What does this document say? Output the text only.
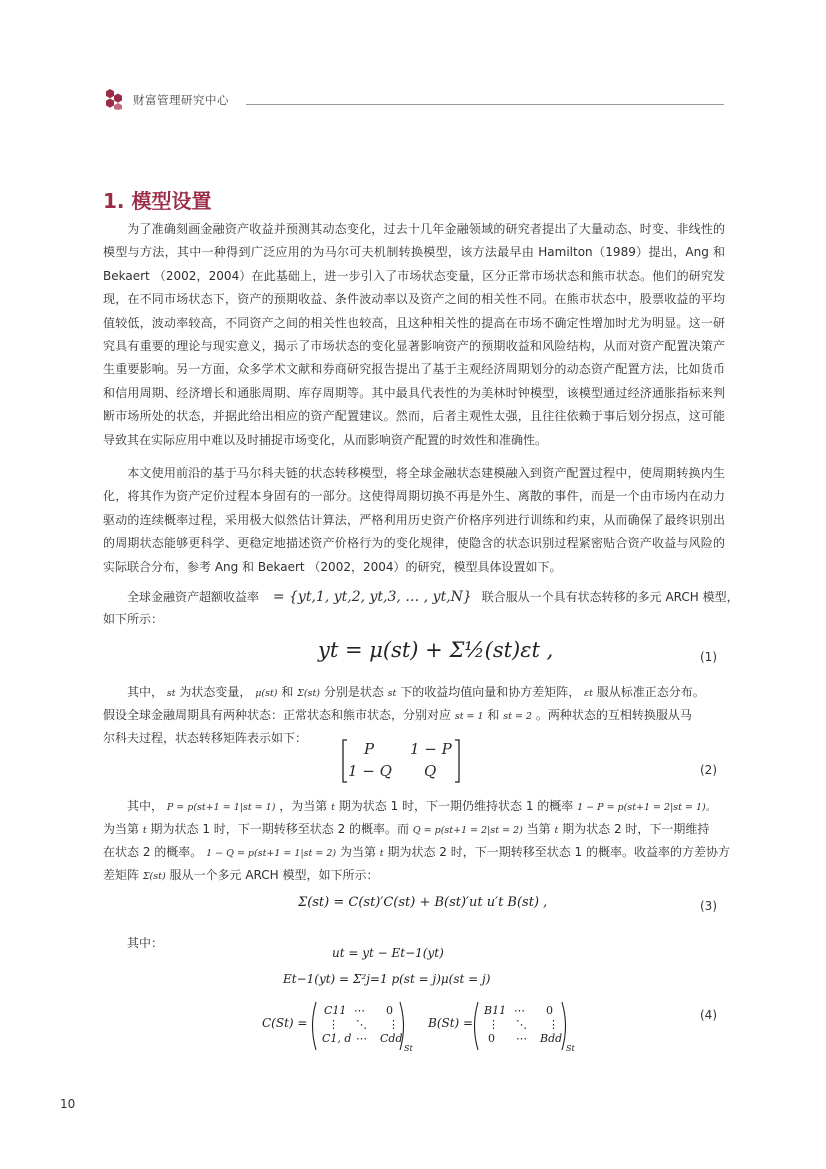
财富管理研究中心
1. 模型设置

为了准确刻画金融资产收益并预测其动态变化，过去十几年金融领域的研究者提出了大量动态、时变、非线性的模型与方法，其中一种得到广泛应用的为马尔可夫机制转换模型，该方法最早由 Hamilton（1989）提出，Ang 和 Bekaert （2002，2004）在此基础上，进一步引入了市场状态变量，区分正常市场状态和熊市状态。他们的研究发现，在不同市场状态下，资产的预期收益、条件波动率以及资产之间的相关性不同。在熊市状态中，股票收益的平均值较低，波动率较高，不同资产之间的相关性也较高，且这种相关性的提高在市场不确定性增加时尤为明显。这一研究具有重要的理论与现实意义，揭示了市场状态的变化显著影响资产的预期收益和风险结构，从而对资产配置决策产生重要影响。另一方面，众多学术文献和券商研究报告提出了基于主观经济周期划分的动态资产配置方法，比如货币和信用周期、经济增长和通胀周期、库存周期等。其中最具代表性的为美林时钟模型，该模型通过经济通胀指标来判断市场所处的状态，并据此给出相应的资产配置建议。然而，后者主观性太强，且往往依赖于事后划分拐点，这可能导致其在实际应用中难以及时捕捉市场变化，从而影响资产配置的时效性和准确性。

本文使用前沿的基于马尔科夫链的状态转移模型，将全球金融状态建模融入到资产配置过程中，使周期转换内生化，将其作为资产定价过程本身固有的一部分。这使得周期切换不再是外生、离散的事件，而是一个由市场内在动力驱动的连续概率过程，采用极大似然估计算法，严格利用历史资产价格序列进行训练和约束，从而确保了最终识别出的周期状态能够更科学、更稳定地描述资产价格行为的变化规律，使隐含的状态识别过程紧密贴合资产收益与风险的实际联合分布，参考 Ang 和 Bekaert （2002，2004）的研究，模型具体设置如下。

全球金融资产超额收益率 = {yt,1, yt,2, yt,3, … , yt,N} 联合服从一个具有状态转移的多元 ARCH 模型，
如下所示：
yt = μ(st) + Σ½(st)εt ,	(1)
其中， st 为状态变量， μ(st) 和 Σ(st) 分别是状态 st 下的收益均值向量和协方差矩阵， εt 服从标准正态分布。
假设全球金融周期具有两种状态：正常状态和熊市状态，分别对应 st = 1 和 st = 2 。两种状态的互相转换服从马
尔科夫过程，状态转移矩阵表示如下：
P 1 − P
1 − Q Q	(2)
其中， P = p(st+1 = 1|st = 1) ，为当第 t 期为状态 1 时，下一期仍维持状态 1 的概率 1 − P = p(st+1 = 2|st = 1)。
为当第 t 期为状态 1 时，下一期转移至状态 2 的概率。而 Q = p(st+1 = 2|st = 2) 当第 t 期为状态 2 时，下一期维持
在状态 2 的概率。 1 − Q = p(st+1 = 1|st = 2) 为当第 t 期为状态 2 时，下一期转移至状态 1 的概率。收益率的方差协方
差矩阵 Σ(st) 服从一个多元 ARCH 模型，如下所示：
Σ(st) = C(st)′C(st) + B(st)′ut u′t B(st) ,	(3)
其中：
ut = yt − Et−1(yt)
Et−1(yt) = Σ²j=1 p(st = j)μ(st = j)
C(St) =
C11 ⋯ 0
⋮ ⋱ ⋮
C1, d ⋯ Cdd
St
B(St) =
B11 ⋯ 0
⋮ ⋱ ⋮
0 ⋯ Bdd
St
(4)
10
